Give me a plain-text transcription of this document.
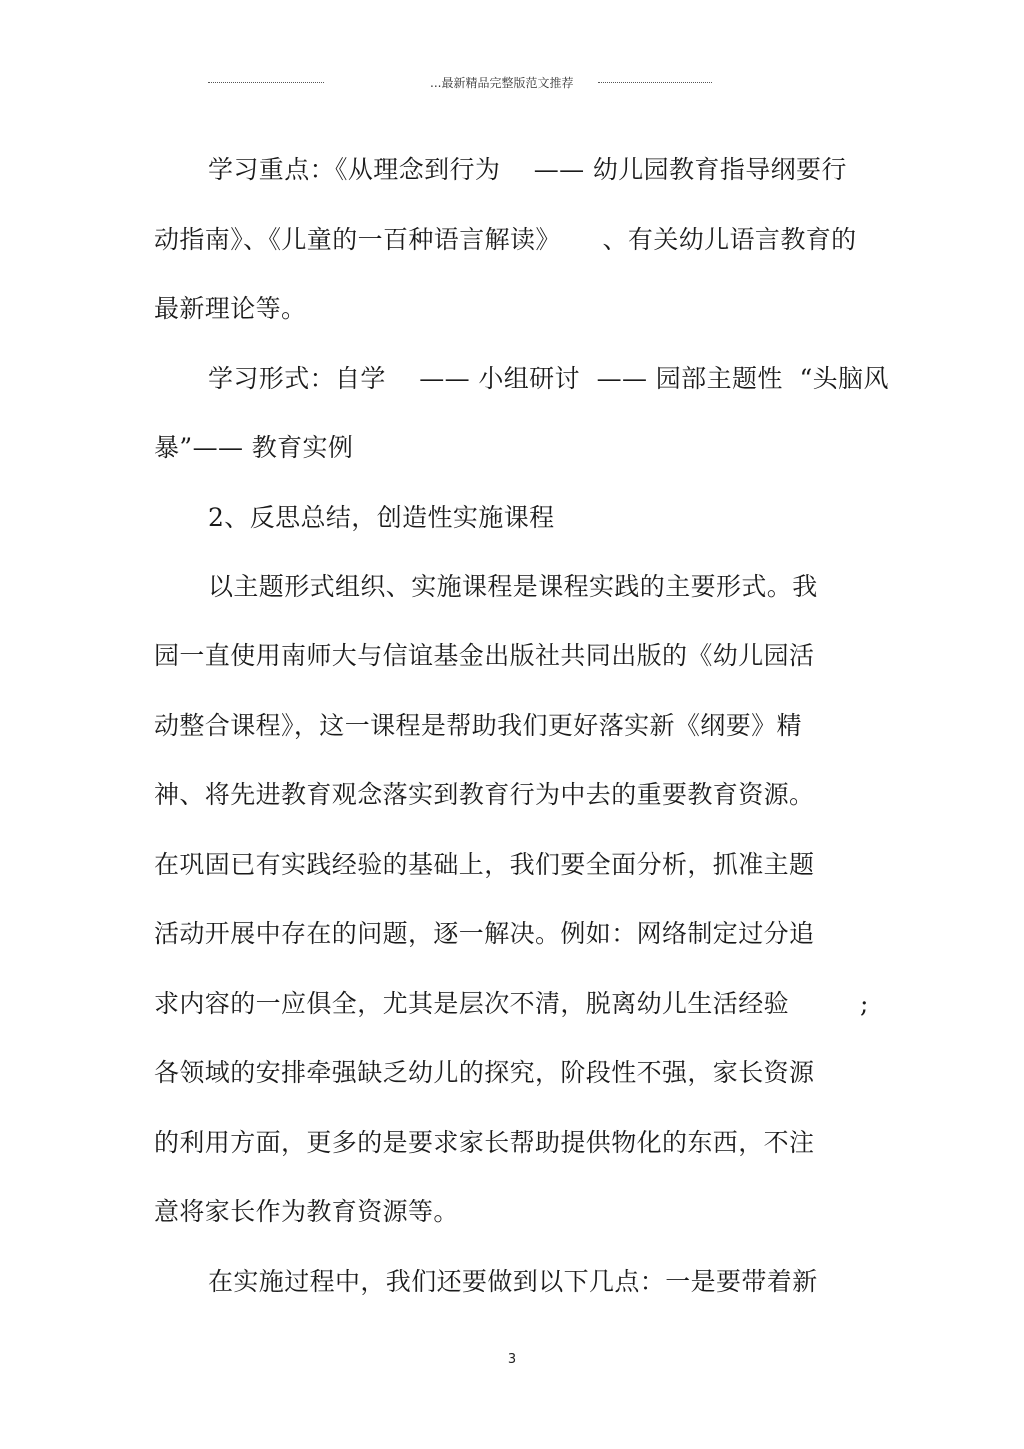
...最新精品完整版范文推荐
学习重点：《从理念到行为    —— 幼儿园教育指导纲要行
动指南》、《儿童的一百种语言解读》     、有关幼儿语言教育的
最新理论等。
学习形式：自学    —— 小组研讨  —— 园部主题性  “头脑风
暴”—— 教育实例
2、反思总结，创造性实施课程
以主题形式组织、实施课程是课程实践的主要形式。我
园一直使用南师大与信谊基金出版社共同出版的《幼儿园活
动整合课程》，这一课程是帮助我们更好落实新《纲要》精
神、将先进教育观念落实到教育行为中去的重要教育资源。
在巩固已有实践经验的基础上，我们要全面分析，抓准主题
活动开展中存在的问题，逐一解决。例如：网络制定过分追
求内容的一应俱全，尤其是层次不清，脱离幼儿生活经验	;
各领域的安排牵强缺乏幼儿的探究，阶段性不强，家长资源
的利用方面，更多的是要求家长帮助提供物化的东西，不注
意将家长作为教育资源等。
在实施过程中，我们还要做到以下几点：一是要带着新
3
